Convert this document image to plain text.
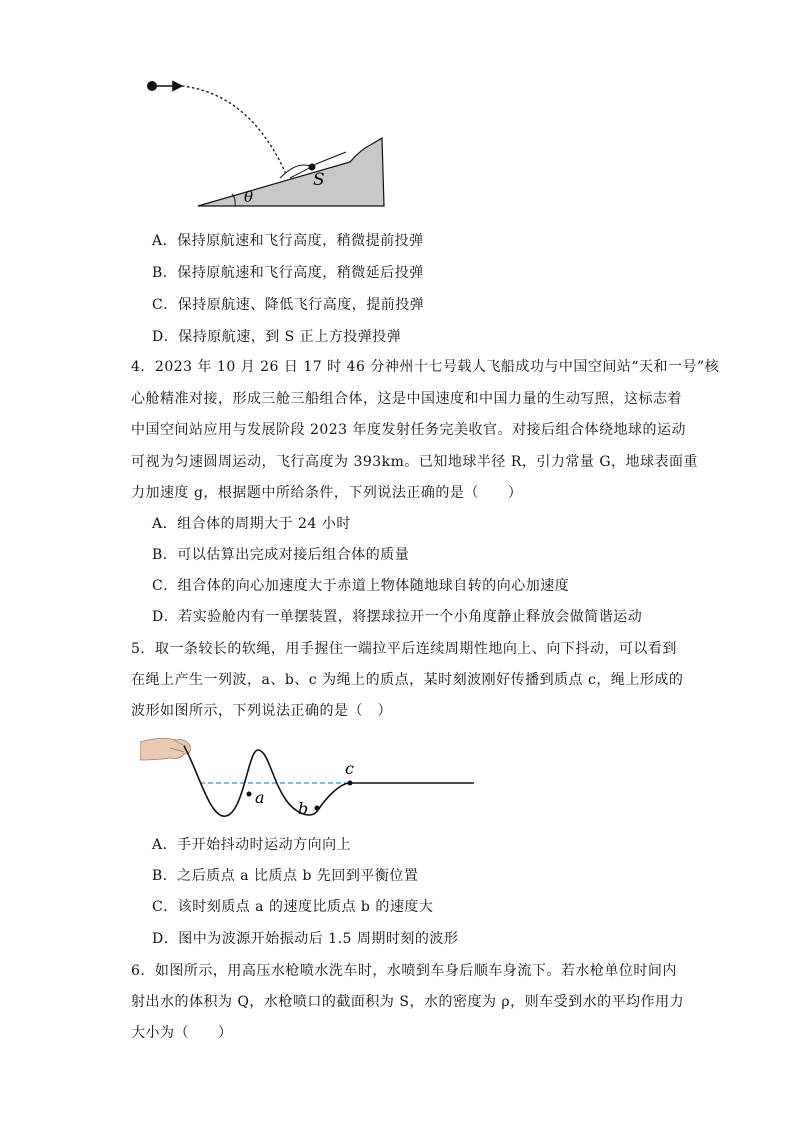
S
θ
A．保持原航速和飞行高度，稍微提前投弹
B．保持原航速和飞行高度，稍微延后投弹
C．保持原航速、降低飞行高度，提前投弹
D．保持原航速，到 S 正上方投弹投弹
4．2023 年 10 月 26 日 17 时 46 分神州十七号载人飞船成功与中国空间站“天和一号”核
心舱精准对接，形成三舱三船组合体，这是中国速度和中国力量的生动写照，这标志着
中国空间站应用与发展阶段 2023 年度发射任务完美收官。对接后组合体绕地球的运动
可视为匀速圆周运动，飞行高度为 393km。已知地球半径 R，引力常量 G，地球表面重
力加速度 g，根据题中所给条件，下列说法正确的是（　　）
A．组合体的周期大于 24 小时
B．可以估算出完成对接后组合体的质量
C．组合体的向心加速度大于赤道上物体随地球自转的向心加速度
D．若实验舱内有一单摆装置，将摆球拉开一个小角度静止释放会做简谐运动
5．取一条较长的软绳，用手握住一端拉平后连续周期性地向上、向下抖动，可以看到
在绳上产生一列波，a、b、c 为绳上的质点，某时刻波刚好传播到质点 c，绳上形成的
波形如图所示，下列说法正确的是（　）
a
b
c
A．手开始抖动时运动方向向上
B．之后质点 a 比质点 b 先回到平衡位置
C．该时刻质点 a 的速度比质点 b 的速度大
D．图中为波源开始振动后 1.5 周期时刻的波形
6．如图所示，用高压水枪喷水洗车时，水喷到车身后顺车身流下。若水枪单位时间内
射出水的体积为 Q，水枪喷口的截面积为 S，水的密度为 ρ，则车受到水的平均作用力
大小为（　　）
